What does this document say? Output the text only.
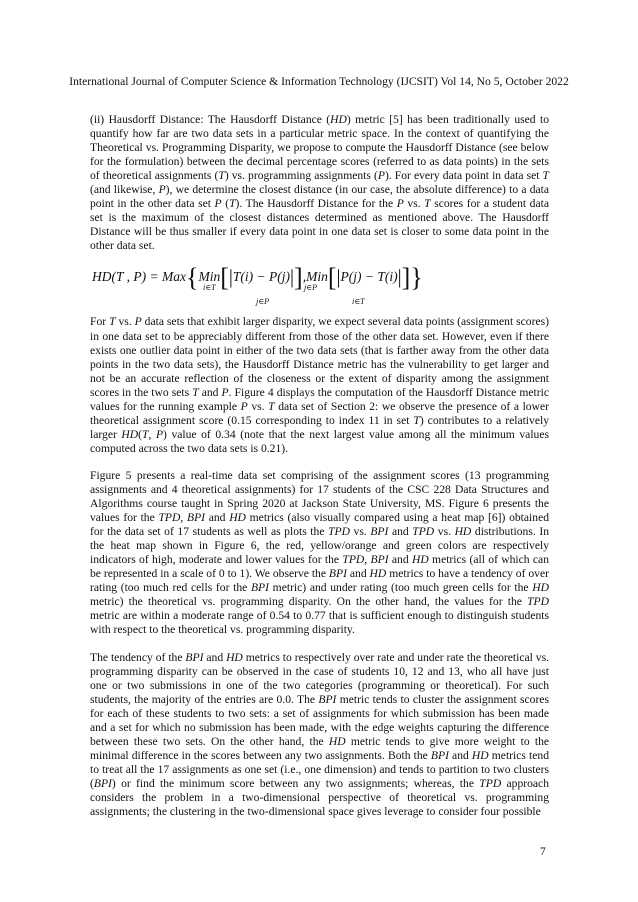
International Journal of Computer Science & Information Technology (IJCSIT) Vol 14, No 5, October 2022

(ii) Hausdorff Distance: The Hausdorff Distance (HD) metric [5] has been traditionally used to quantify how far are two data sets in a particular metric space. In the context of quantifying the Theoretical vs. Programming Disparity, we propose to compute the Hausdorff Distance (see below for the formulation) between the decimal percentage scores (referred to as data points) in the sets of theoretical assignments (T) vs. programming assignments (P). For every data point in data set T (and likewise, P), we determine the closest distance (in our case, the absolute difference) to a data point in the other data set P (T). The Hausdorff Distance for the P vs. T scores for a student data set is the maximum of the closest distances determined as mentioned above. The Hausdorff Distance will be thus smaller if every data point in one data set is closer to some data point in the other data set.

HD(T , P) = Max{Min[|T(i) − P(j)|],Min[|P(j) − T(i)|]}
i∈T
j∈P
j∈P
i∈T

For T vs. P data sets that exhibit larger disparity, we expect several data points (assignment scores) in one data set to be appreciably different from those of the other data set. However, even if there exists one outlier data point in either of the two data sets (that is farther away from the other data points in the two data sets), the Hausdorff Distance metric has the vulnerability to get larger and not be an accurate reflection of the closeness or the extent of disparity among the assignment scores in the two sets T and P. Figure 4 displays the computation of the Hausdorff Distance metric values for the running example P vs. T data set of Section 2: we observe the presence of a lower theoretical assignment score (0.15 corresponding to index 11 in set T) contributes to a relatively larger HD(T, P) value of 0.34 (note that the next largest value among all the minimum values computed across the two data sets is 0.21).

Figure 5 presents a real-time data set comprising of the assignment scores (13 programming assignments and 4 theoretical assignments) for 17 students of the CSC 228 Data Structures and Algorithms course taught in Spring 2020 at Jackson State University, MS. Figure 6 presents the values for the TPD, BPI and HD metrics (also visually compared using a heat map [6]) obtained for the data set of 17 students as well as plots the TPD vs. BPI and TPD vs. HD distributions. In the heat map shown in Figure 6, the red, yellow/orange and green colors are respectively indicators of high, moderate and lower values for the TPD, BPI and HD metrics (all of which can be represented in a scale of 0 to 1). We observe the BPI and HD metrics to have a tendency of over rating (too much red cells for the BPI metric) and under rating (too much green cells for the HD metric) the theoretical vs. programming disparity. On the other hand, the values for the TPD metric are within a moderate range of 0.54 to 0.77 that is sufficient enough to distinguish students with respect to the theoretical vs. programming disparity.

The tendency of the BPI and HD metrics to respectively over rate and under rate the theoretical vs. programming disparity can be observed in the case of students 10, 12 and 13, who all have just one or two submissions in one of the two categories (programming or theoretical). For such students, the majority of the entries are 0.0. The BPI metric tends to cluster the assignment scores for each of these students to two sets: a set of assignments for which submission has been made and a set for which no submission has been made, with the edge weights capturing the difference between these two sets. On the other hand, the HD metric tends to give more weight to the minimal difference in the scores between any two assignments. Both the BPI and HD metrics tend to treat all the 17 assignments as one set (i.e., one dimension) and tends to partition to two clusters (BPI) or find the minimum score between any two assignments; whereas, the TPD approach considers the problem in a two-dimensional perspective of theoretical vs. programming assignments; the clustering in the two-dimensional space gives leverage to consider four possible

7
